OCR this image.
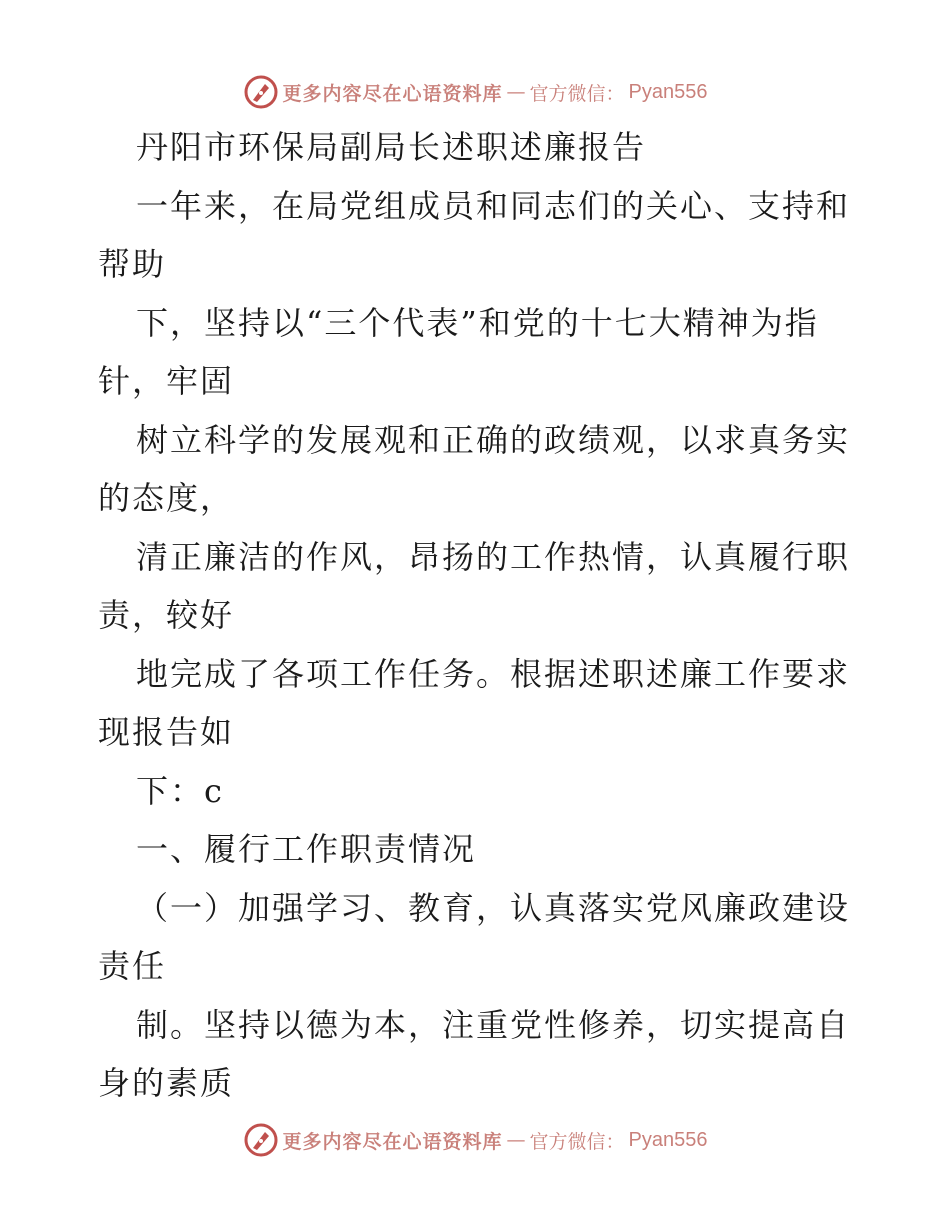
更多内容尽在心语资料库 — 官方微信： Pyan556
丹阳市环保局副局长述职述廉报告
一年来，在局党组成员和同志们的关心、支持和
帮助
下，坚持以“三个代表”和党的十七大精神为指
针，牢固
树立科学的发展观和正确的政绩观，以求真务实
的态度，
清正廉洁的作风，昂扬的工作热情，认真履行职
责，较好
地完成了各项工作任务。根据述职述廉工作要求
现报告如
下：c
一、履行工作职责情况
（一）加强学习、教育，认真落实党风廉政建设
责任
制。坚持以德为本，注重党性修养，切实提高自
身的素质
更多内容尽在心语资料库 — 官方微信： Pyan556
